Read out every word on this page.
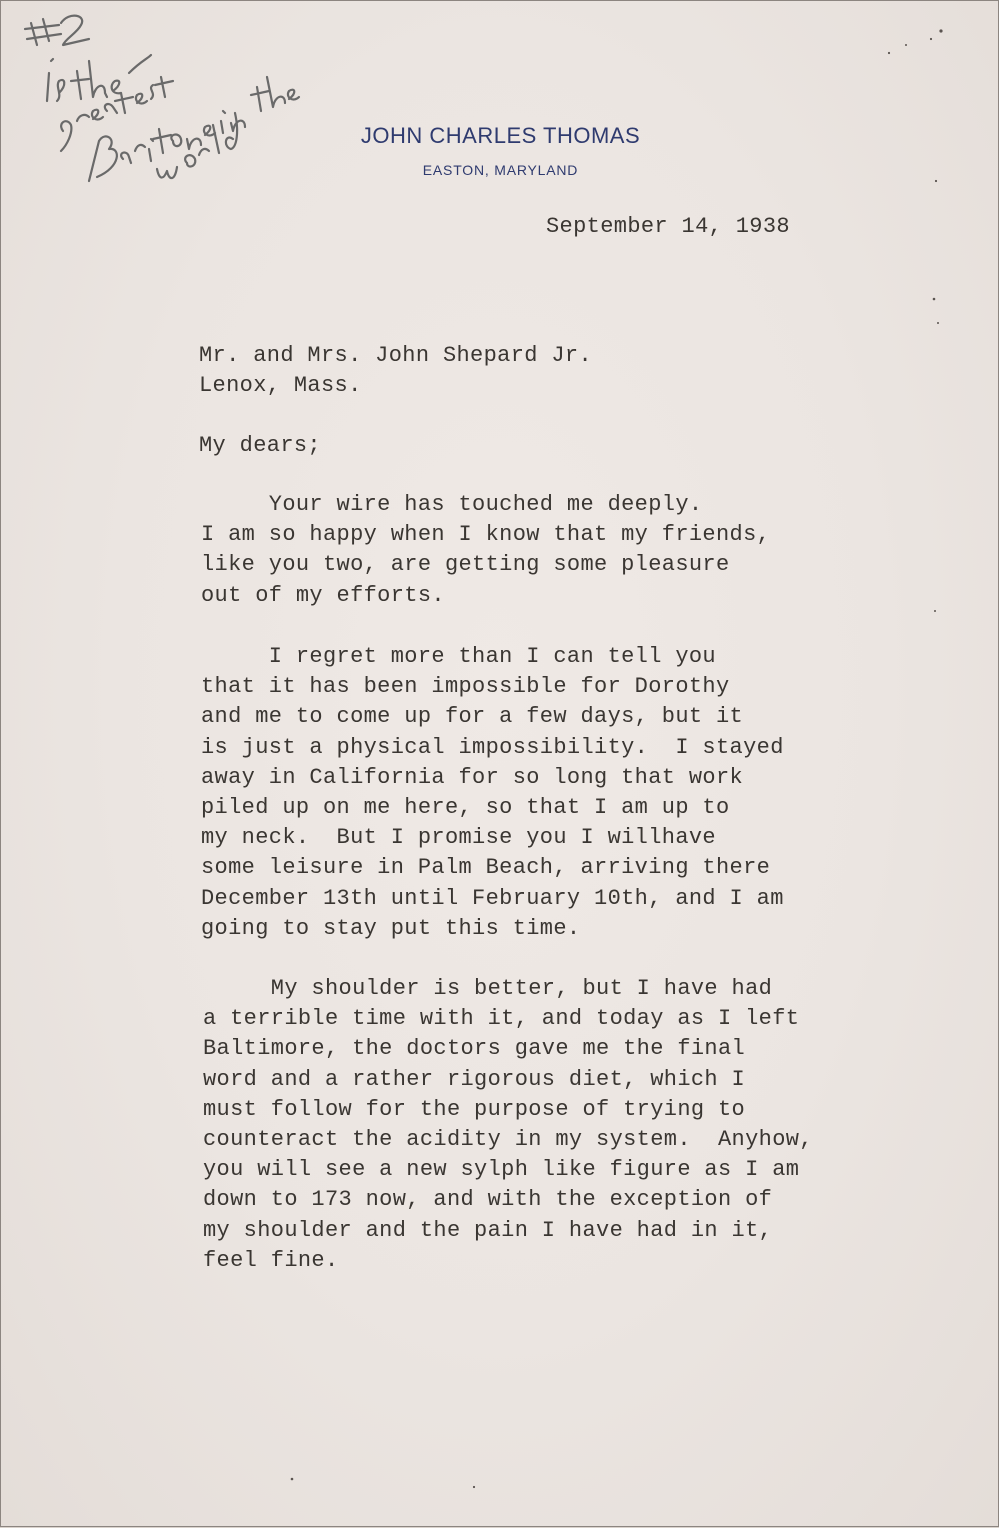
JOHN CHARLES THOMAS
EASTON, MARYLAND
September 14, 1938
Mr. and Mrs. John Shepard Jr.
Lenox, Mass.
My dears;
Your wire has touched me deeply.
I am so happy when I know that my friends,
like you two, are getting some pleasure
out of my efforts.
I regret more than I can tell you
that it has been impossible for Dorothy
and me to come up for a few days, but it
is just a physical impossibility.  I stayed
away in California for so long that work
piled up on me here, so that I am up to
my neck.  But I promise you I willhave
some leisure in Palm Beach, arriving there
December 13th until February 10th, and I am
going to stay put this time.
My shoulder is better, but I have had
a terrible time with it, and today as I left
Baltimore, the doctors gave me the final
word and a rather rigorous diet, which I
must follow for the purpose of trying to
counteract the acidity in my system.  Anyhow,
you will see a new sylph like figure as I am
down to 173 now, and with the exception of
my shoulder and the pain I have had in it,
feel fine.
